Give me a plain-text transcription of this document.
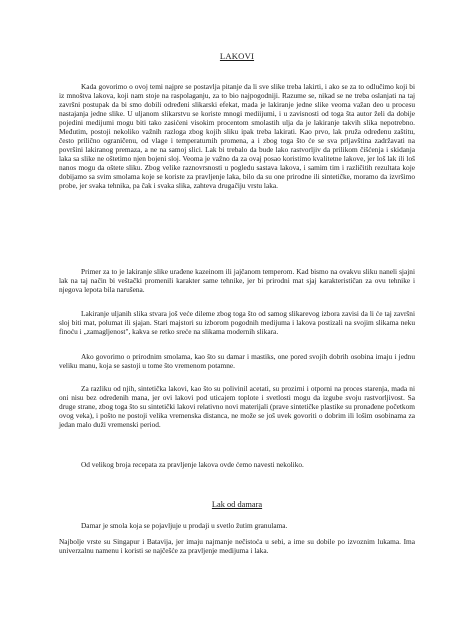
LAKOVI

Kada govorimo o ovoj temi najpre se postavlja pitanje da li sve slike treba lakirti, i ako se za to odlučimo koji bi iz mnoštva lakova, koji nam stoje na raspolaganju, za to bio najpogodniji. Razume se, nikad se ne treba oslanjati na taj završni postupak da bi smo dobili određeni slikarski efekat, mada je lakiranje jedne slike veoma važan deo u procesu nastajanja jedne slike. U uljanom slikarstvu se koriste mnogi mediijumi, i u zavisnosti od toga šta autor želi da dobije pojedini medijumi mogu biti tako zasićeni visokim procentom smolastih ulja da je lakiranje takvih slika nepotrebno. Međutim, postoji nekoliko važnih razloga zbog kojih sliku ipak treba lakirati. Kao prvo, lak pruža određenu zaštitu, često prilično ograničenu, od vlage i temperaturnih promena, a i zbog toga što će se sva prljavština zadržavati na površini lakiranog premaza, a ne na samoj slici. Lak bi trebalo da bude lako rastvorljiv da prilikom čišćenja i skidanja laka sa slike ne oštetimo njen bojeni sloj. Veoma je važno da za ovaj posao koristimo kvalitetne lakove, jer loš lak ili loš nanos mogu da oštete sliku. Zbog velike raznovrsnosti u pogledu sastava lakova, i samim tim i različitih rezultata koje dobijamo sa svim smolama koje se koriste za pravljenje laka, bilo da su one prirodne ili sintetičke, moramo da izvršimo probe, jer svaka tehnika, pa čak i svaka slika, zahteva drugačiju vrstu laka.

Primer za to je lakiranje slike urađene kazeinom ili jajčanom temperom. Kad bismo na ovakvu sliku naneli sjajni lak na taj način bi veštački promenili karakter same tehnike, jer bi prirodni mat sjaj karakterističan za ovu tehnike i njegova lepota bila narušena.

Lakiranje uljanih slika stvara još veće dileme zbog toga što od samog slikarevog izbora zavisi da li će taj završni sloj biti mat, polumat ili sjajan. Stari majstori su izborom pogodnih medijuma i lakova postizali na svojim slikama neku finoću i „zamagljenost", kakva se retko sreće na slikama modernih slikara.

Ako govorimo o prirodnim smolama, kao što su damar i mastiks, one pored svojih dobrih osobina imaju i jednu veliku manu, koja se sastoji u tome što vremenom potamne.

Za razliku od njih, sintetička lakovi, kao što su polivinil acetati, su prozirni i otporni na proces starenja, mada ni oni nisu bez određenih mana, jer ovi lakovi pod uticajem toplote i svetlosti mogu da izgube svoju rastvorljivost. Sa druge strane, zbog toga što su sintetički lakovi relativno novi materijali (prave sintetičke plastike su pronađene početkom ovog veka), i pošto ne postoji velika vremenska distanca, ne može se još uvek govoriti o dobrim ili lošim osobinama za jedan malo duži vremenski period.

Od velikog broja recepata za pravljenje lakova ovde ćemo navesti nekoliko.

Lak od damara

Damar je smola koja se pojavljuje u prodaji u svetlo žutim granulama.

Najbolje vrste su Singapur i Batavija, jer imaju najmanje nečistoća u sebi, a ime su dobile po izvoznim lukama. Ima univerzalnu namenu i koristi se najčešće za pravljenje medijuma i laka.
